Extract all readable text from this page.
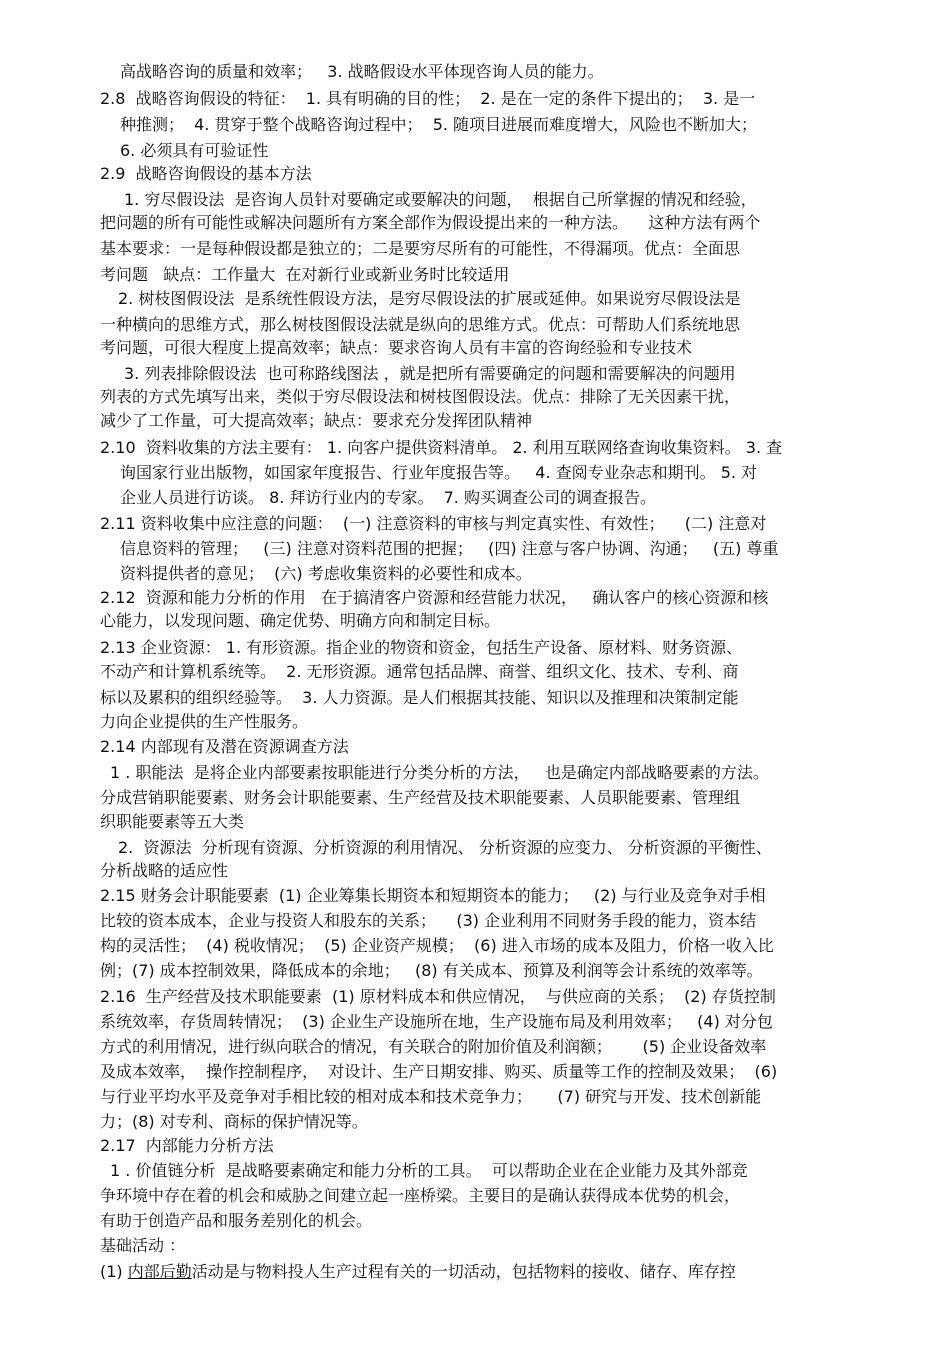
高战略咨询的质量和效率；   3. 战略假设水平体现咨询人员的能力。
2.8  战略咨询假设的特征：  1. 具有明确的目的性；  2. 是在一定的条件下提出的；  3. 是一
种推测；  4. 贯穿于整个战略咨询过程中；  5. 随项目进展而难度增大，风险也不断加大；
6. 必须具有可验证性
2.9  战略咨询假设的基本方法
1. 穷尽假设法  是咨询人员针对要确定或要解决的问题，  根据自己所掌握的情况和经验，
把问题的所有可能性或解决问题所有方案全部作为假设提出来的一种方法。    这种方法有两个
基本要求：一是每种假设都是独立的；二是要穷尽所有的可能性，不得漏项。优点：全面思
考问题   缺点：工作量大  在对新行业或新业务时比较适用
2. 树枝图假设法  是系统性假设方法，是穷尽假设法的扩展或延伸。如果说穷尽假设法是
一种横向的思维方式，那么树枝图假设法就是纵向的思维方式。优点：可帮助人们系统地思
考问题，可很大程度上提高效率；缺点：要求咨询人员有丰富的咨询经验和专业技术
3. 列表排除假设法  也可称路线图法 ，就是把所有需要确定的问题和需要解决的问题用
列表的方式先填写出来，类似于穷尽假设法和树枝图假设法。优点：排除了无关因素干扰，
减少了工作量，可大提高效率；缺点：要求充分发挥团队精神
2.10  资料收集的方法主要有： 1. 向客户提供资料清单。 2. 利用互联网络查询收集资料。 3. 查
询国家行业出版物，如国家年度报告、行业年度报告等。   4. 查阅专业杂志和期刊。 5. 对
企业人员进行访谈。 8. 拜访行业内的专家。  7. 购买调查公司的调查报告。
2.11 资料收集中应注意的问题：  (一) 注意资料的审核与判定真实性、有效性；    (二) 注意对
信息资料的管理；   (三) 注意对资料范围的把握；   (四) 注意与客户协调、沟通；   (五) 尊重
资料提供者的意见；  (六) 考虑收集资料的必要性和成本。
2.12  资源和能力分析的作用   在于搞清客户资源和经营能力状况，   确认客户的核心资源和核
心能力，以发现问题、确定优势、明确方向和制定目标。
2.13 企业资源： 1. 有形资源。指企业的物资和资金，包括生产设备、原材料、财务资源、
不动产和计算机系统等。  2. 无形资源。通常包括品牌、商誉、组织文化、技术、专利、商
标以及累积的组织经验等。  3. 人力资源。是人们根据其技能、知识以及推理和决策制定能
力向企业提供的生产性服务。
2.14 内部现有及潜在资源调查方法
1 . 职能法  是将企业内部要素按职能进行分类分析的方法，   也是确定内部战略要素的方法。
分成营销职能要素、财务会计职能要素、生产经营及技术职能要素、人员职能要素、管理组
织职能要素等五大类
2.  资源法  分析现有资源、分析资源的利用情况、 分析资源的应变力、 分析资源的平衡性、
分析战略的适应性
2.15 财务会计职能要素  (1) 企业筹集长期资本和短期资本的能力；   (2) 与行业及竞争对手相
比较的资本成本，企业与投资人和股东的关系；    (3) 企业利用不同财务手段的能力，资本结
构的灵活性；  (4) 税收情况；  (5) 企业资产规模；  (6) 进入市场的成本及阻力，价格一收入比
例；(7) 成本控制效果，降低成本的余地；   (8) 有关成本、预算及利润等会计系统的效率等。
2.16  生产经营及技术职能要素  (1) 原材料成本和供应情况，  与供应商的关系；  (2) 存货控制
系统效率，存货周转情况；  (3) 企业生产设施所在地，生产设施布局及利用效率；   (4) 对分包
方式的利用情况，进行纵向联合的情况，有关联合的附加价值及利润额；      (5) 企业设备效率
及成本效率，  操作控制程序，  对设计、生产日期安排、购买、质量等工作的控制及效果；  (6)
与行业平均水平及竞争对手相比较的相对成本和技术竞争力；     (7) 研究与开发、技术创新能
力；(8) 对专利、商标的保护情况等。
2.17  内部能力分析方法
1 . 价值链分析  是战略要素确定和能力分析的工具。  可以帮助企业在企业能力及其外部竞
争环境中存在着的机会和威胁之间建立起一座桥梁。主要目的是确认获得成本优势的机会，
有助于创造产品和服务差别化的机会。
基础活动 ：
(1) 内部后勤活动是与物料投人生产过程有关的一切活动，包括物料的接收、储存、库存控
